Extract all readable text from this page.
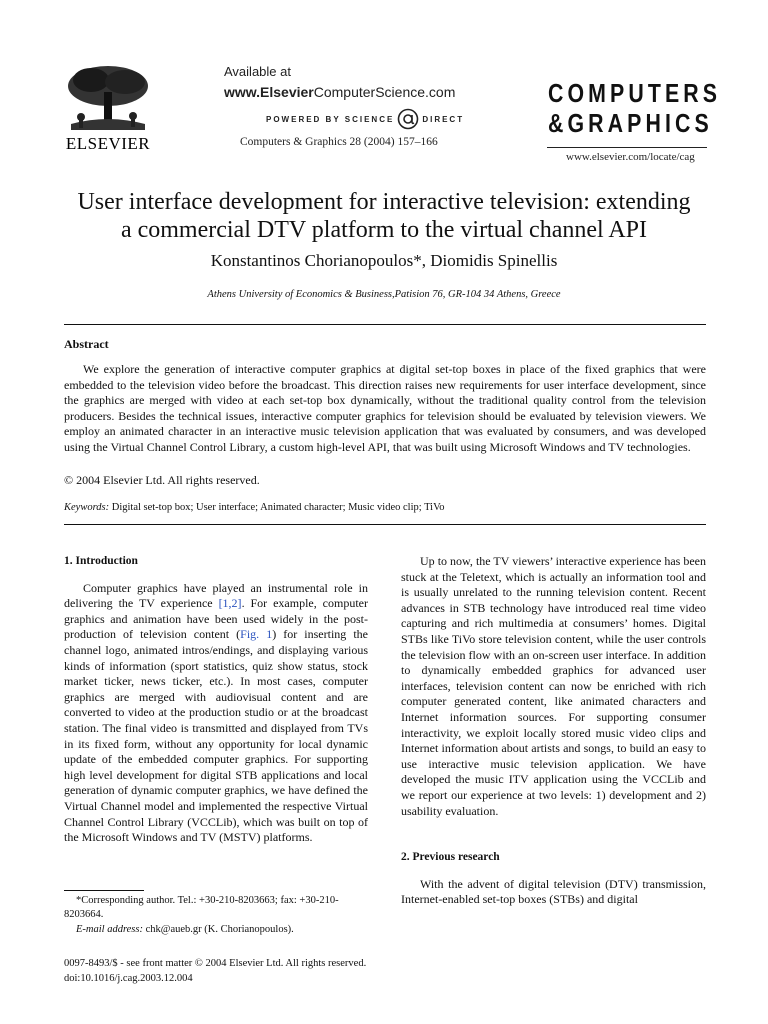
ELSEVIER
Available at
www.ElsevierComputerScience.com
POWERED BY SCIENCE	DIRECT
Computers & Graphics 28 (2004) 157–166
COMPUTERS
&GRAPHICS
www.elsevier.com/locate/cag
User interface development for interactive television: extending
a commercial DTV platform to the virtual channel API
Konstantinos Chorianopoulos*, Diomidis Spinellis
Athens University of Economics & Business,Patision 76, GR-104 34 Athens, Greece
Abstract
We explore the generation of interactive computer graphics at digital set-top boxes in place of the fixed graphics that were embedded to the television video before the broadcast. This direction raises new requirements for user interface development, since the graphics are merged with video at each set-top box dynamically, without the traditional quality control from the television producers. Besides the technical issues, interactive computer graphics for television should be evaluated by television viewers. We employ an animated character in an interactive music television application that was evaluated by consumers, and was developed using the Virtual Channel Control Library, a custom high-level API, that was built using Microsoft Windows and TV technologies.
© 2004 Elsevier Ltd. All rights reserved.
Keywords: Digital set-top box; User interface; Animated character; Music video clip; TiVo
1. Introduction

Computer graphics have played an instrumental role in delivering the TV experience [1,2]. For example, computer graphics and animation have been used widely in the post-production of television content (Fig. 1) for inserting the channel logo, animated intros/endings, and displaying various kinds of information (sport statistics, quiz show status, stock market ticker, news ticker, etc.). In most cases, computer graphics are merged with audiovisual content and are converted to video at the production studio or at the broadcast station. The final video is transmitted and displayed from TVs in its fixed form, without any opportunity for local dynamic update of the embedded computer graphics. For supporting high level development for digital STB applications and local generation of dynamic computer graphics, we have defined the Virtual Channel model and implemented the respective Virtual Channel Control Library (VCCLib), which was built on top of the Microsoft Windows and TV (MSTV) platforms.

Up to now, the TV viewers’ interactive experience has been stuck at the Teletext, which is actually an information tool and is usually unrelated to the running television content. Recent advances in STB technology have introduced real time video capturing and rich multimedia at consumers’ homes. Digital STBs like TiVo store television content, while the user controls the television flow with an on-screen user interface. In addition to dynamically embedded graphics for advanced user interfaces, television content can now be enriched with rich computer generated content, like animated characters and Internet information sources. For supporting consumer interactivity, we exploit locally stored music video clips and Internet information about artists and songs, to build an easy to use interactive music television application. We have developed the music ITV application using the VCCLib and we report our experience at two levels: 1) development and 2) usability evaluation.

2. Previous research

With the advent of digital television (DTV) transmission, Internet-enabled set-top boxes (STBs) and digital

*Corresponding author. Tel.: +30-210-8203663; fax: +30-210-8203664.
E-mail address: chk@aueb.gr (K. Chorianopoulos).
0097-8493/$ - see front matter © 2004 Elsevier Ltd. All rights reserved.
doi:10.1016/j.cag.2003.12.004
